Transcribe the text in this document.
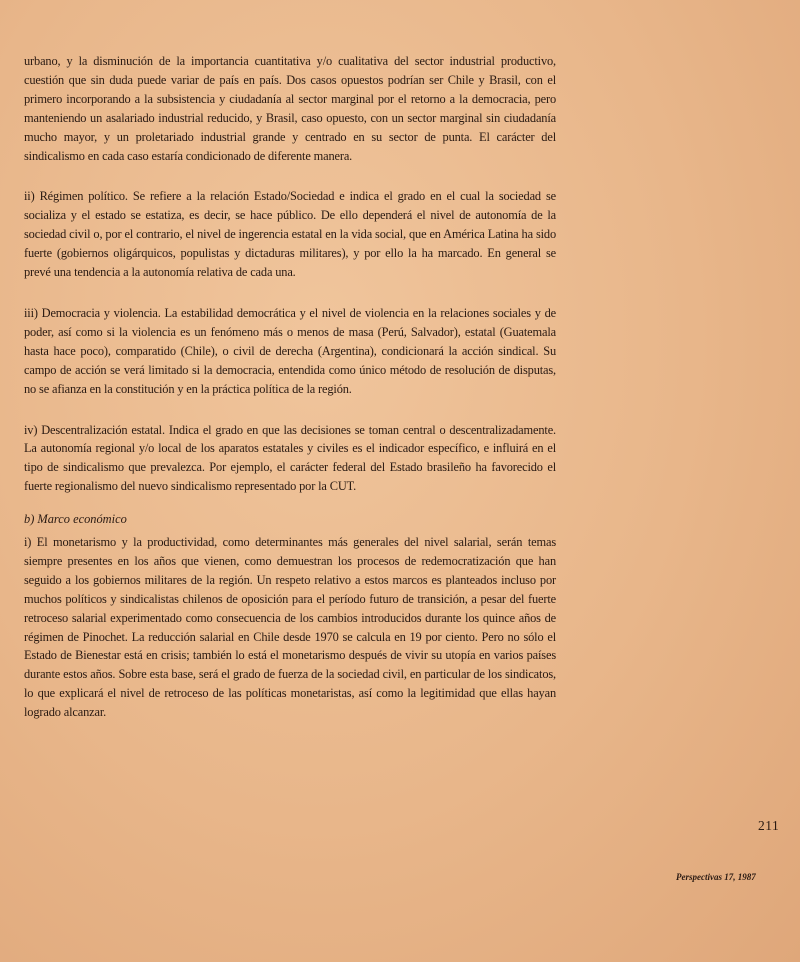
urbano, y la disminución de la importancia cuantitativa y/o cualitativa del sector industrial productivo, cuestión que sin duda puede variar de país en país. Dos casos opuestos podrían ser Chile y Brasil, con el primero incorporando a la subsistencia y ciudadanía al sector marginal por el retorno a la democracia, pero manteniendo un asalariado industrial reducido, y Brasil, caso opuesto, con un sector marginal sin ciudadanía mucho mayor, y un proletariado industrial grande y centrado en su sector de punta. El carácter del sindicalismo en cada caso estaría condicionado de diferente manera.

ii) Régimen político. Se refiere a la relación Estado/Sociedad e indica el grado en el cual la sociedad se socializa y el estado se estatiza, es decir, se hace público. De ello dependerá el nivel de autonomía de la sociedad civil o, por el contrario, el nivel de ingerencia estatal en la vida social, que en América Latina ha sido fuerte (gobiernos oligárquicos, populistas y dictaduras militares), y por ello la ha marcado. En general se prevé una tendencia a la autonomía relativa de cada una.

iii) Democracia y violencia. La estabilidad democrática y el nivel de violencia en la relaciones sociales y de poder, así como si la violencia es un fenómeno más o menos de masa (Perú, Salvador), estatal (Guatemala hasta hace poco), comparatido (Chile), o civil de derecha (Argentina), condicionará la acción sindical. Su campo de acción se verá limitado si la democracia, entendida como único método de resolución de disputas, no se afianza en la constitución y en la práctica política de la región.

iv) Descentralización estatal. Indica el grado en que las decisiones se toman central o descentralizadamente. La autonomía regional y/o local de los aparatos estatales y civiles es el indicador específico, e influirá en el tipo de sindicalismo que prevalezca. Por ejemplo, el carácter federal del Estado brasileño ha favorecido el fuerte regionalismo del nuevo sindicalismo representado por la CUT.

b) Marco económico

i) El monetarismo y la productividad, como determinantes más generales del nivel salarial, serán temas siempre presentes en los años que vienen, como demuestran los procesos de redemocratización que han seguido a los gobiernos militares de la región. Un respeto relativo a estos marcos es planteados incluso por muchos políticos y sindicalistas chilenos de oposición para el período futuro de transición, a pesar del fuerte retroceso salarial experimentado como consecuencia de los cambios introducidos durante los quince años de régimen de Pinochet. La reducción salarial en Chile desde 1970 se calcula en 19 por ciento. Pero no sólo el Estado de Bienestar está en crisis; también lo está el monetarismo después de vivir su utopía en varios países durante estos años. Sobre esta base, será el grado de fuerza de la sociedad civil, en particular de los sindicatos, lo que explicará el nivel de retroceso de las políticas monetaristas, así como la legitimidad que ellas hayan logrado alcanzar.

211
Perspectivas 17, 1987
